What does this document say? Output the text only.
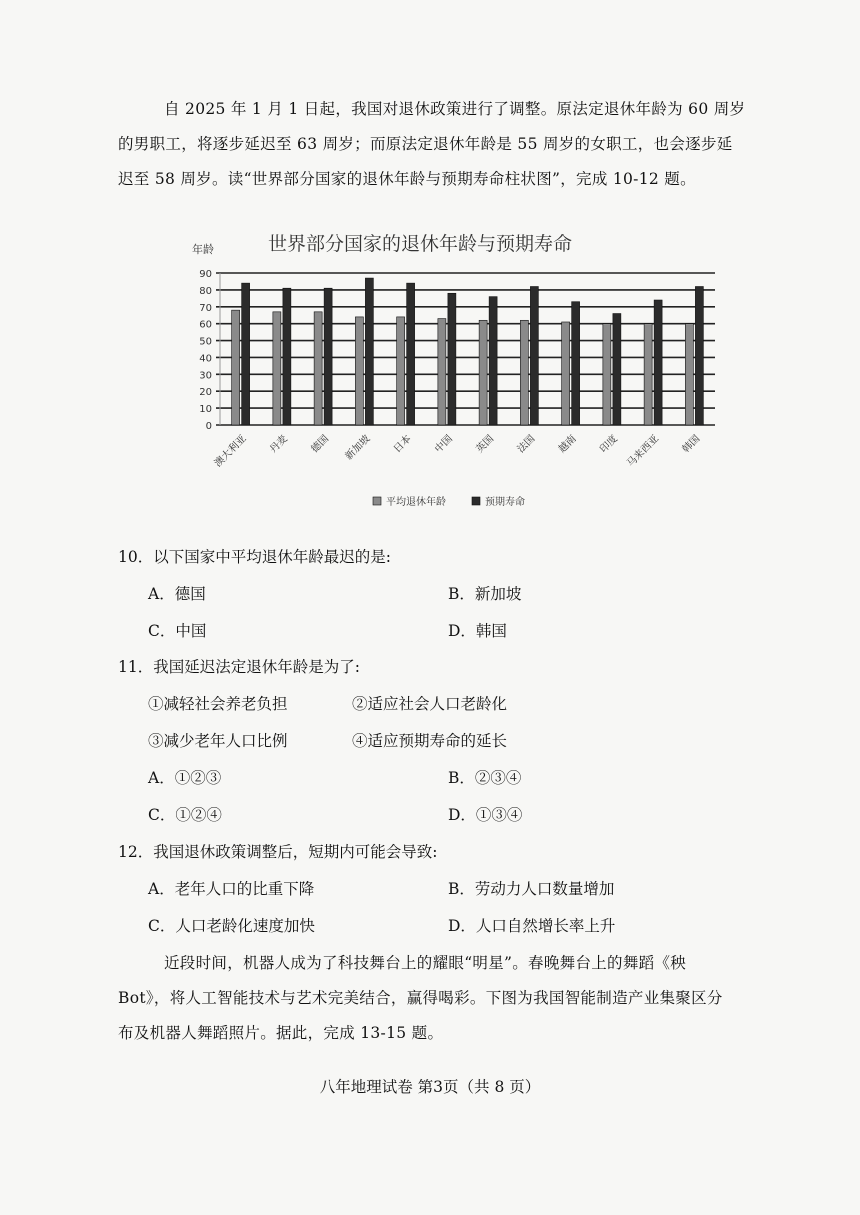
自 2025 年 1 月 1 日起，我国对退休政策进行了调整。原法定退休年龄为 60 周岁
的男职工，将逐步延迟至 63 周岁；而原法定退休年龄是 55 周岁的女职工，也会逐步延
迟至 58 周岁。读“世界部分国家的退休年龄与预期寿命柱状图”，完成 10-12 题。
世界部分国家的退休年龄与预期寿命
年龄
0
10
20
30
40
50
60
70
80
90
澳大利亚 丹麦 德国 新加坡 日本 中国 英国 法国 越南 印度 马来西亚 韩国
平均退休年龄	预期寿命
10．以下国家中平均退休年龄最迟的是:
A．德国	B．新加坡
C．中国	D．韩国
11．我国延迟法定退休年龄是为了:
①减轻社会养老负担	②适应社会人口老龄化
③减少老年人口比例	④适应预期寿命的延长
A．①②③	B．②③④
C．①②④	D．①③④
12．我国退休政策调整后，短期内可能会导致:
A．老年人口的比重下降	B．劳动力人口数量增加
C．人口老龄化速度加快	D．人口自然增长率上升
近段时间，机器人成为了科技舞台上的耀眼“明星”。春晚舞台上的舞蹈《秧
Bot》，将人工智能技术与艺术完美结合，赢得喝彩。下图为我国智能制造产业集聚区分
布及机器人舞蹈照片。据此，完成 13-15 题。
八年地理试卷 第3页（共 8 页）
